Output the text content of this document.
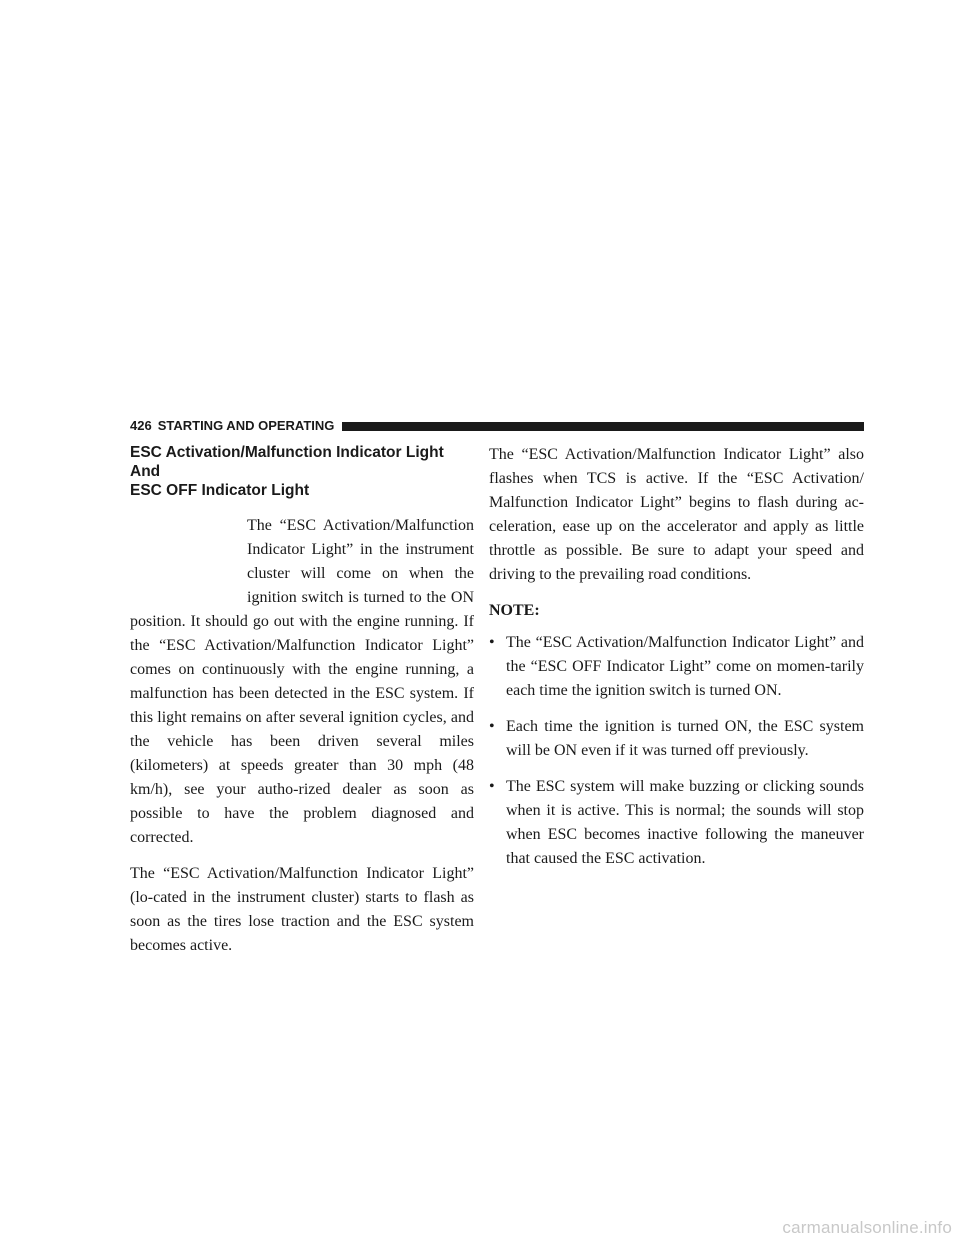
426 STARTING AND OPERATING
ESC Activation/Malfunction Indicator Light And
ESC OFF Indicator Light

The “ESC Activation/Malfunction Indicator Light” in the instrument cluster will come on when the ignition switch is turned to the ON position. It should go out with the engine running. If the “ESC Activation/Malfunction Indicator Light” comes on continuously with the engine running, a malfunction has been detected in the ESC system. If this light remains on after several ignition cycles, and the vehicle has been driven several miles (kilometers) at speeds greater than 30 mph (48 km/h), see your autho-rized dealer as soon as possible to have the problem diagnosed and corrected.

The “ESC Activation/Malfunction Indicator Light” (lo-cated in the instrument cluster) starts to flash as soon as the tires lose traction and the ESC system becomes active.

The “ESC Activation/Malfunction Indicator Light” also flashes when TCS is active. If the “ESC Activation/ Malfunction Indicator Light” begins to flash during ac-celeration, ease up on the accelerator and apply as little throttle as possible. Be sure to adapt your speed and driving to the prevailing road conditions.

NOTE:

• The “ESC Activation/Malfunction Indicator Light” and the “ESC OFF Indicator Light” come on momen-tarily each time the ignition switch is turned ON.
• Each time the ignition is turned ON, the ESC system will be ON even if it was turned off previously.
• The ESC system will make buzzing or clicking sounds when it is active. This is normal; the sounds will stop when ESC becomes inactive following the maneuver that caused the ESC activation.
carmanualsonline.info
